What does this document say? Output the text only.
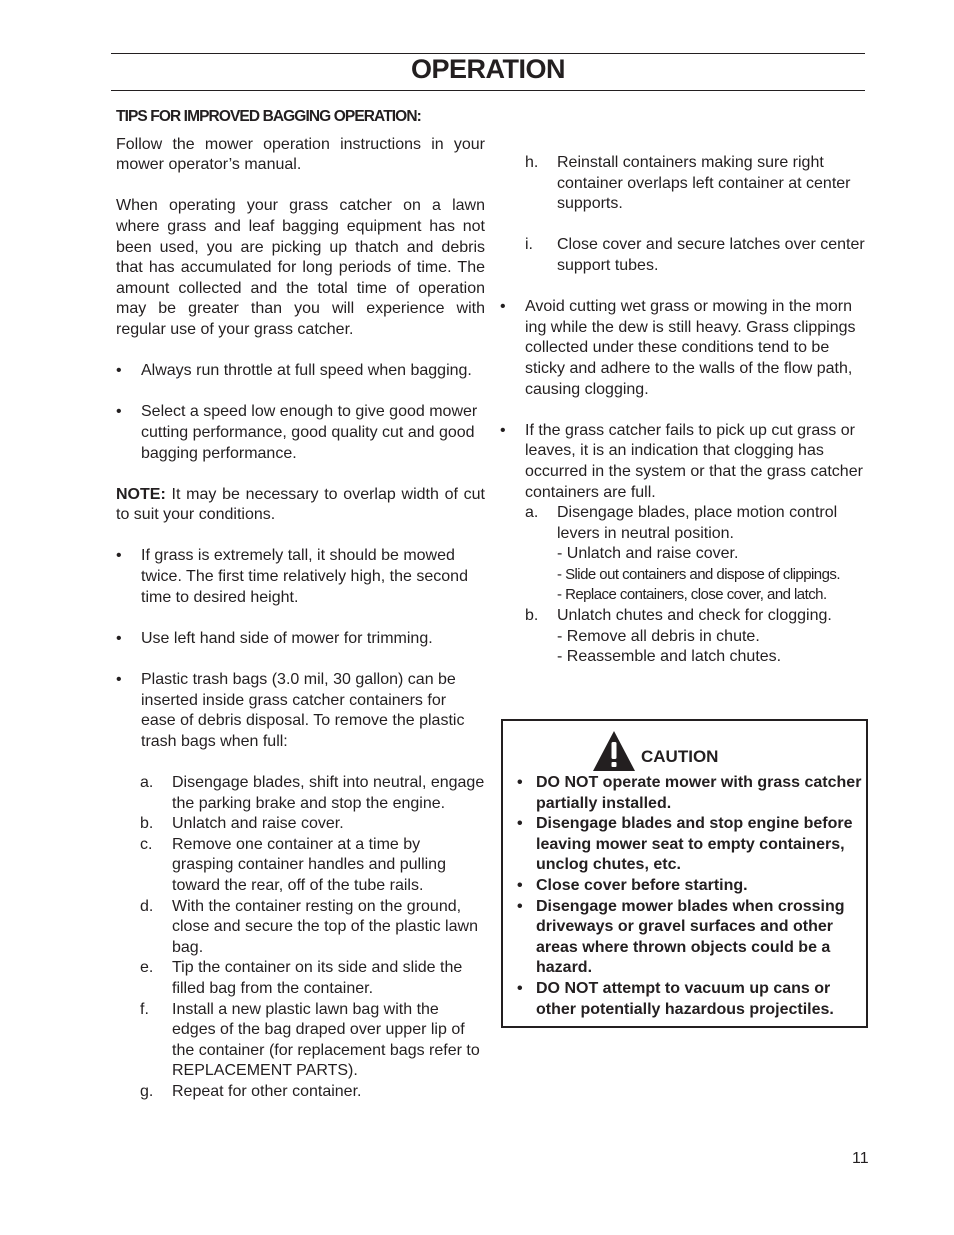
OPERATION

TIPS FOR IMPROVED BAGGING OPERATION:

Follow the mower operation instructions in your mower operator’s manual.

When operating your grass catcher on a lawn where grass and leaf bagging equipment has not been used, you are picking up thatch and debris that has accumulated for long periods of time. The amount collected and the total time of operation may be greater than you will experience with regular use of your grass catcher.

• Always run throttle at full speed when bagging.

• Select a speed low enough to give good mower cutting performance, good quality cut and good bagging performance.

NOTE: It may be necessary to overlap width of cut to suit your conditions.

• If grass is extremely tall, it should be mowed twice. The first time relatively high, the second time to desired height.

• Use left hand side of mower for trimming.

• Plastic trash bags (3.0 mil, 30 gallon) can be inserted inside grass catcher containers for ease of debris disposal. To remove the plastic trash bags when full:

a. Disengage blades, shift into neutral, engage the parking brake and stop the engine.

b. Unlatch and raise cover.

c. Remove one container at a time by grasping container handles and pulling toward the rear, off of the tube rails.

d. With the container resting on the ground, close and secure the top of the plastic lawn bag.

e. Tip the container on its side and slide the filled bag from the container.

f. Install a new plastic lawn bag with the edges of the bag draped over upper lip of the container (for replacement bags refer to REPLACEMENT PARTS).

g. Repeat for other container.

h. Reinstall containers making sure right container overlaps left container at center supports.

i. Close cover and secure latches over center support tubes.

• Avoid cutting wet grass or mowing in the morn ing while the dew is still heavy. Grass clippings collected under these conditions tend to be sticky and adhere to the walls of the flow path, causing clogging.

• If the grass catcher fails to pick up cut grass or leaves, it is an indication that clogging has occurred in the system or that the grass catcher containers are full.

a. Disengage blades, place motion control levers in neutral position.

- Unlatch and raise cover.

- Slide out containers and dispose of clippings.

- Replace containers, close cover, and latch.

b. Unlatch chutes and check for clogging.

- Remove all debris in chute.

- Reassemble and latch chutes.

CAUTION
• DO NOT operate mower with grass catcher partially installed.

• Disengage blades and stop engine before leaving mower seat to empty containers, unclog chutes, etc.

• Close cover before starting.

• Disengage mower blades when crossing driveways or gravel surfaces and other areas where thrown objects could be a hazard.

• DO NOT attempt to vacuum up cans or other potentially hazardous projectiles.

11
